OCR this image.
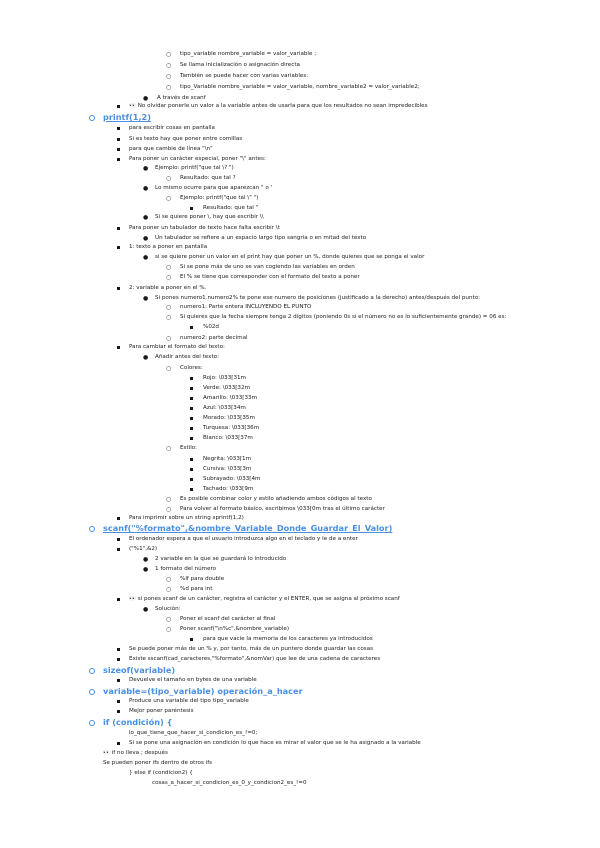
○ tipo_variable nombre_variable = valor_variable ;
○ Se llama inicialización o asignación directa
○ También se puede hacer con varias variables:
○ tipo_Variable nombre_variable = valor_variable, nombre_variable2 = valor_variable2;
● A través de scanf
👀 No olvidar ponerle un valor a la variable antes de usarla para que los resultados no sean impredecibles
printf(1,2)
para escribir cosas en pantalla
Si es texto hay que poner entre comillas
para que cambie de línea "\n"
Para poner un carácter especial, poner "\" antes:
● Ejemplo: printf("que tal \? ")
○ Resultado: que tal ?
● Lo mismo ocurre para que aparezcan " o '
○ Ejemplo: printf("que tal \" ")
Resultado: que tal "
● Si se quiere poner \, hay que escribir \\
Para poner un tabulador de texto hace falta escribir \t
● Un tabulador se refiere a un espacio largo tipo sangría o en mitad del texto
1: texto a poner en pantalla
● si se quiere poner un valor en el print hay que poner un %, donde quieres que se ponga el valor
○ Si se pone más de uno se van cogiendo las variables en orden
○ El % se tiene que corresponder con el formato del texto a poner
2: variable a poner en el %.
● Si pones numero1.numero2% te pone ese numero de posiciones (justificado a la derecho) antes/después del punto:
○ numero1: Parte entera INCLUYENDO EL PUNTO
○ Si quieres que la fecha siempre tenga 2 dígitos (poniendo 0s si el número no es lo suficientemente grande) = 06 es:
%02d
○ numero2: parte decimal
Para cambiar el formato del texto:
● Añadir antes del texto:
○ Colores:
Rojo: \033[31m
Verde: \033[32m
Amarillo: \033[33m
Azul: \033[34m
Morado: \033[35m
Turquesa: \033[36m
Blanco: \033[37m
○ Estilo:
Negrita: \033[1m
Cursiva: \033[3m
Subrayado: \033[4m
Tachado: \033[9m
○ Es posible combinar color y estilo añadiendo ambos códigos al texto
○ Para volver al formato básico, escribimos \033[0m tras el último carácter
Para imprimir sobre un string sprintf(1,2)
scanf("%formato",&nombre_Variable_Donde_Guardar_El_Valor)
El ordenador espera a que el usuario introduzca algo en el teclado y le de a enter
("%1",&2)
● 2 variable en la que se guardará lo introducido
● 1 formato del número
○ %lf para double
○ %d para int
👀 si pones scanf de un carácter, registra el carácter y el ENTER, que se asigna al próximo scanf
● Solución:
○ Poner el scanf del carácter al final
○ Poner scanf("\n%c",&nombre_variable)
para que vacíe la memoria de los caracteres ya introducidos
Se puede poner más de un % y, por tanto, más de un puntero donde guardar las cosas
Existe sscanf(cad_caracteres,"%formato",&nomVar) que lee de una cadena de caracteres
sizeof(variable)
Devuelve el tamaño en bytes de una variable
variable=(tipo_variable) operación_a_hacer
Produce una variable del tipo tipo_variable
Mejor poner paréntesis
if (condición) {
lo_que_tiene_que_hacer_si_condicion_es_!=0;
Si se pone una asignación en condición lo que hace es mirar el valor que se le ha asignado a la variable
👀 if no lleva ; después
Se pueden poner ifs dentro de otros ifs
} else if (condicion2) {
cosas_a_hacer_si_condicion_es_0_y_condicion2_es_!=0
